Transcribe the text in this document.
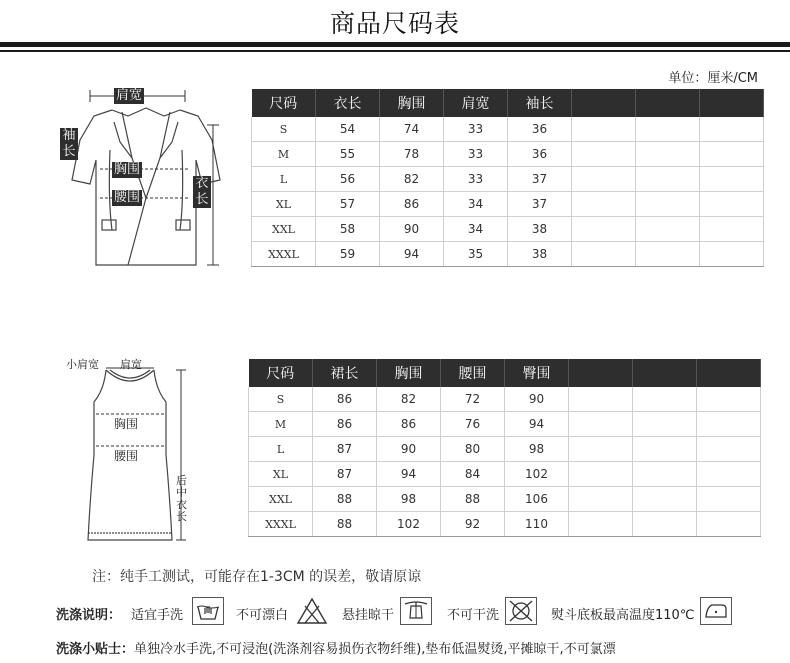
商品尺码表
单位：厘米/CM
肩宽
袖长
胸围
腰围
衣长
尺码	衣长	胸围	肩宽	袖长			
S	54	74	33	36			
M	55	78	33	36			
L	56	82	33	37			
XL	57	86	34	37			
XXL	58	90	34	38			
XXXL	59	94	35	38			
小肩宽 肩宽
胸围
腰围
后中衣长
尺码	裙长	胸围	腰围	臀围			
S	86	82	72	90			
M	86	86	76	94			
L	87	90	80	98			
XL	87	94	84	102			
XXL	88	98	88	106			
XXXL	88	102	92	110			
注：纯手工测试，可能存在1-3CM 的误差，敬请原谅
洗涤说明： 适宜手洗	不可漂白	悬挂晾干	不可干洗	熨斗底板最高温度110℃
洗涤小贴士：单独冷水手洗,不可浸泡(洗涤剂容易损伤衣物纤维),垫布低温熨烫,平摊晾干,不可氯漂
